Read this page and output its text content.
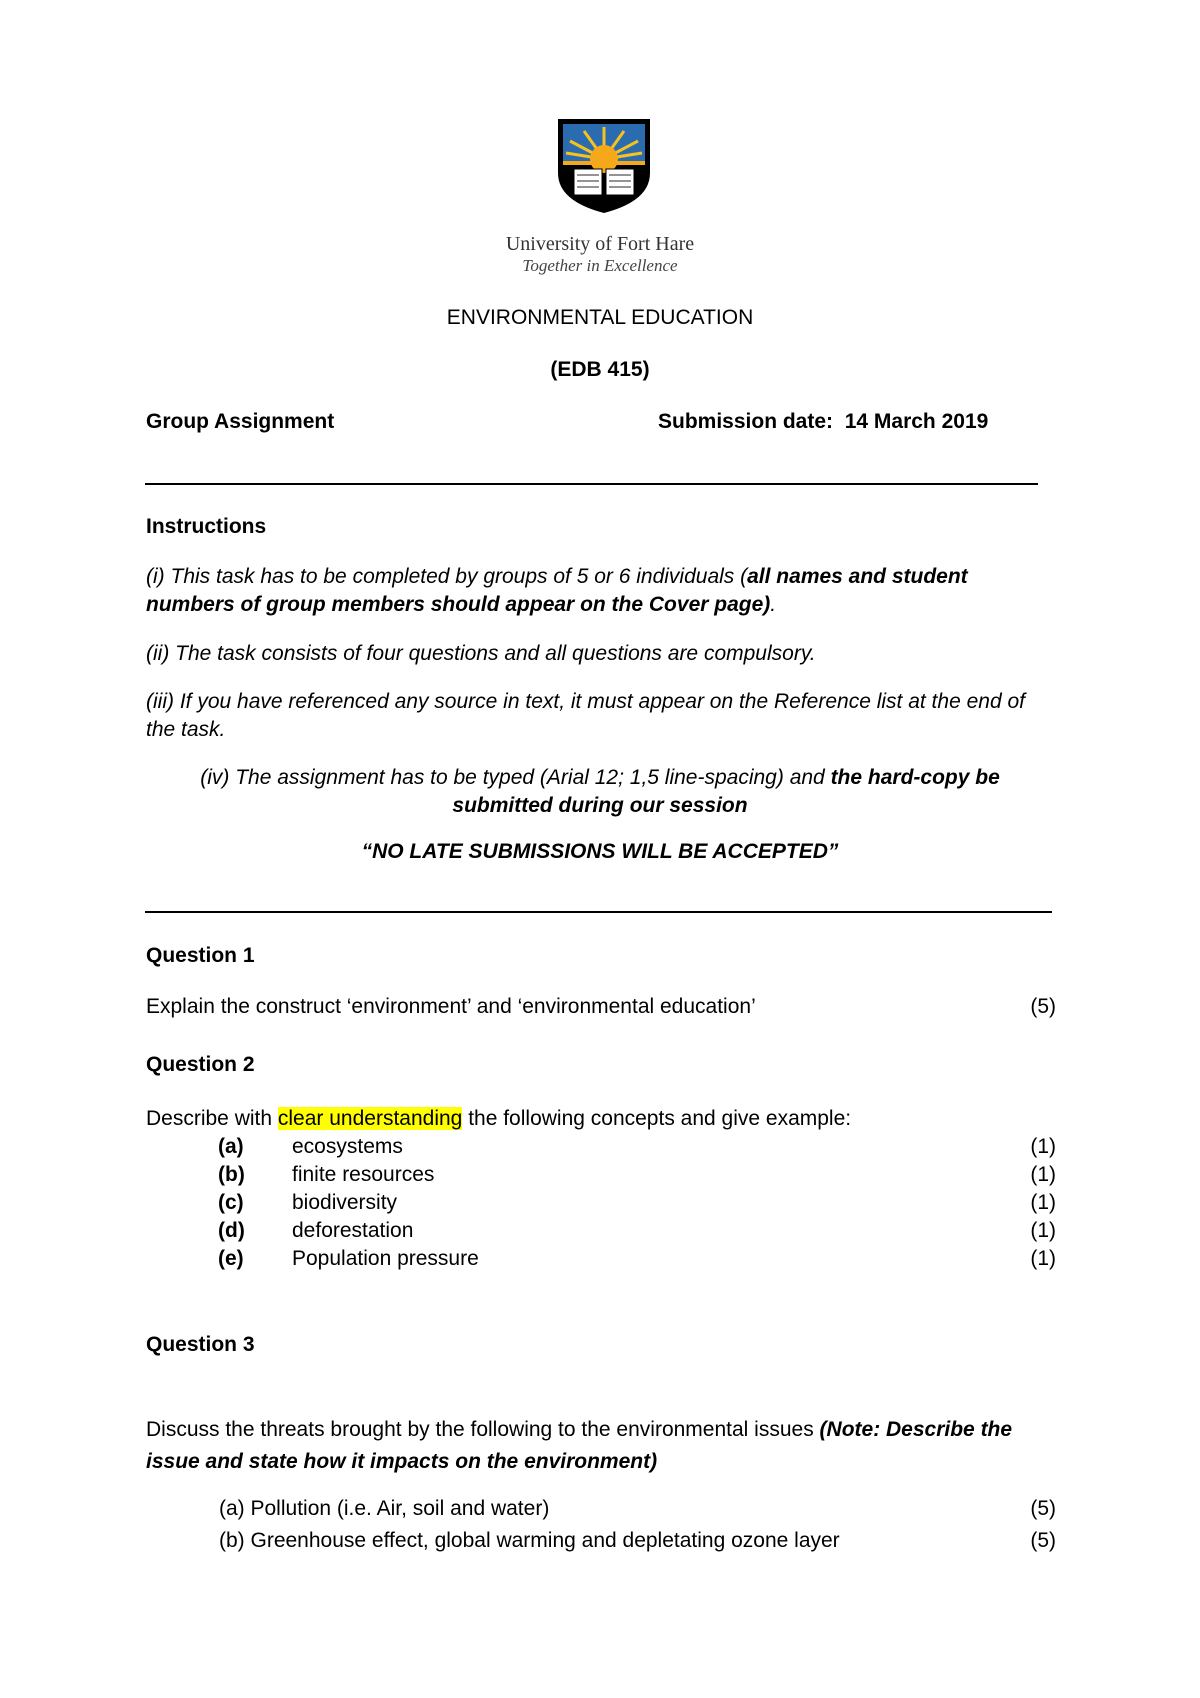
University of Fort Hare
Together in Excellence
ENVIRONMENTAL EDUCATION
(EDB 415)
Group Assignment	Submission date: 14 March 2019
Instructions
(i) This task has to be completed by groups of 5 or 6 individuals (all names and student numbers of group members should appear on the Cover page).
(ii) The task consists of four questions and all questions are compulsory.
(iii) If you have referenced any source in text, it must appear on the Reference list at the end of the task.
(iv) The assignment has to be typed (Arial 12; 1,5 line-spacing) and the hard-copy be submitted during our session
“NO LATE SUBMISSIONS WILL BE ACCEPTED”
Question 1
Explain the construct ‘environment’ and ‘environmental education’	(5)
Question 2
Describe with clear understanding the following concepts and give example:
(a) ecosystems	(1)
(b) finite resources	(1)
(c) biodiversity	(1)
(d) deforestation	(1)
(e) Population pressure	(1)
Question 3
Discuss the threats brought by the following to the environmental issues (Note: Describe the issue and state how it impacts on the environment)
(a) Pollution (i.e. Air, soil and water)	(5)
(b) Greenhouse effect, global warming and depletating ozone layer	(5)
